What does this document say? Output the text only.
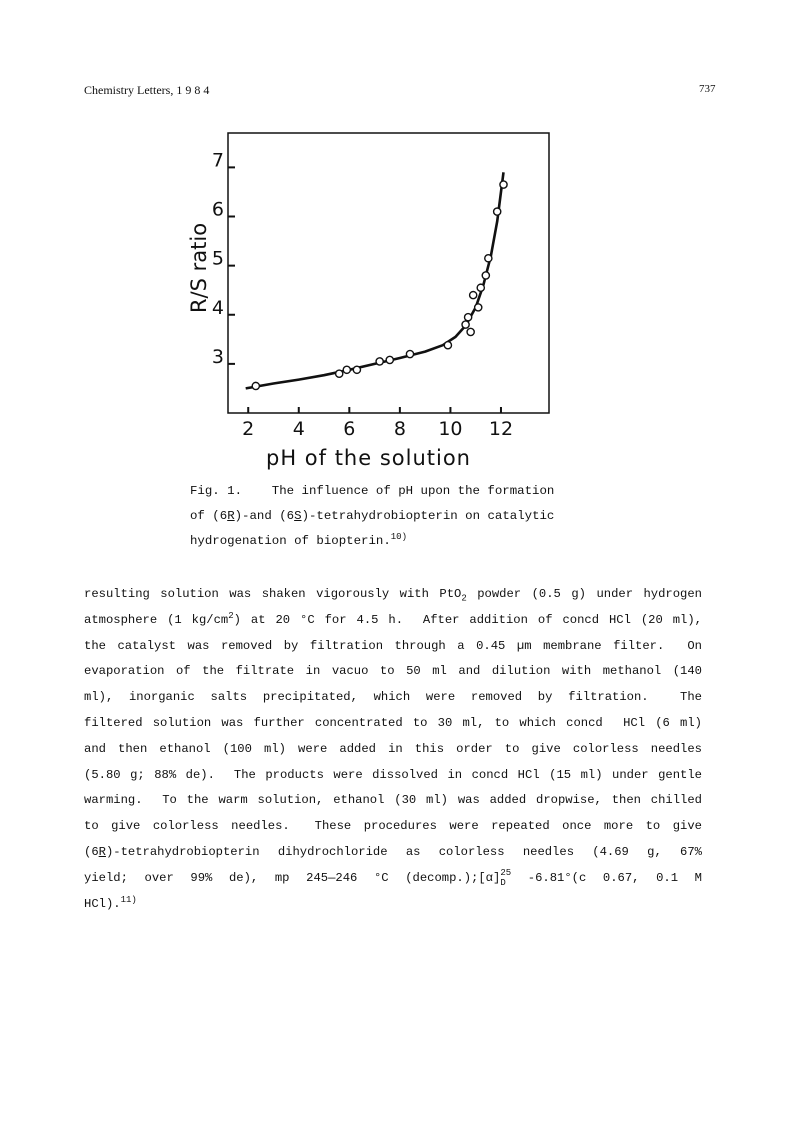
Chemistry Letters, 1 9 8 4	737
2 4 6 8 10 12
3
4
5
6
7
pH of the solution
R/S ratio
Fig. 1.    The influence of pH upon the formation
of (6R)-and (6S)-tetrahydrobiopterin on catalytic
hydrogenation of biopterin.$^{10)}$
resulting solution was shaken vigorously with PtO$_2$ powder (0.5 g) under hydrogen
atmosphere (1 $kg/cm^2$) at 20 °C for 4.5 h.  After addition of concd HCl (20 ml),
the catalyst was removed by filtration through a 0.45 µm membrane filter.  On
evaporation of the filtrate in vacuo to 50 ml and dilution with methanol (140
ml), inorganic salts precipitated, which were removed by filtration.  The
filtered solution was further concentrated to 30 ml, to which concd  HCl (6 ml)
and then ethanol (100 ml) were added in this order to give colorless needles
(5.80 g; 88% de).  The products were dissolved in concd HCl (15 ml) under gentle
warming.  To the warm solution, ethanol (30 ml) was added dropwise, then chilled
to give colorless needles.  These procedures were repeated once more to give
(6R)-tetrahydrobiopterin dihydrochloride as colorless needles (4.69 g, 67%
yield; over 99% de), mp 245—246 °C (decomp.);[α]25
D -6.81°(c 0.67, 0.1 M
HCl).$^{11)}$
